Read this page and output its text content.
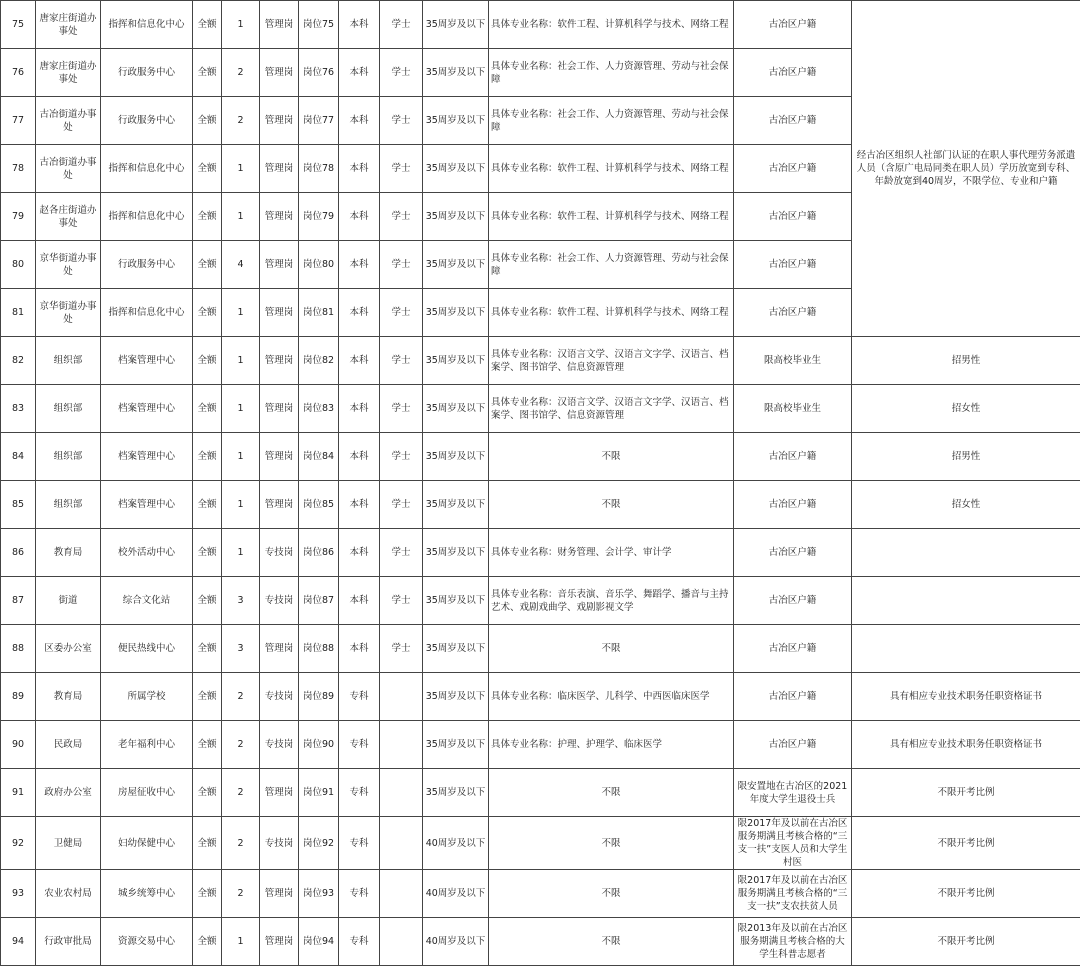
75	唐家庄街道办事处	指挥和信息化中心	全额	1	管理岗	岗位75	本科	学士	35周岁及以下	具体专业名称：软件工程、计算机科学与技术、网络工程	古冶区户籍	经古冶区组织人社部门认证的在职人事代理劳务派遣人员（含原广电局同类在职人员）学历放宽到专科、年龄放宽到40周岁，不限学位、专业和户籍
76	唐家庄街道办事处	行政服务中心	全额	2	管理岗	岗位76	本科	学士	35周岁及以下	具体专业名称：社会工作、人力资源管理、劳动与社会保障	古冶区户籍	
77	古冶街道办事处	行政服务中心	全额	2	管理岗	岗位77	本科	学士	35周岁及以下	具体专业名称：社会工作、人力资源管理、劳动与社会保障	古冶区户籍	
78	古冶街道办事处	指挥和信息化中心	全额	1	管理岗	岗位78	本科	学士	35周岁及以下	具体专业名称：软件工程、计算机科学与技术、网络工程	古冶区户籍	
79	赵各庄街道办事处	指挥和信息化中心	全额	1	管理岗	岗位79	本科	学士	35周岁及以下	具体专业名称：软件工程、计算机科学与技术、网络工程	古冶区户籍	
80	京华街道办事处	行政服务中心	全额	4	管理岗	岗位80	本科	学士	35周岁及以下	具体专业名称：社会工作、人力资源管理、劳动与社会保障	古冶区户籍	
81	京华街道办事处	指挥和信息化中心	全额	1	管理岗	岗位81	本科	学士	35周岁及以下	具体专业名称：软件工程、计算机科学与技术、网络工程	古冶区户籍	
82	组织部	档案管理中心	全额	1	管理岗	岗位82	本科	学士	35周岁及以下	具体专业名称：汉语言文学、汉语言文字学、汉语言、档案学、图书馆学、信息资源管理	限高校毕业生	招男性
83	组织部	档案管理中心	全额	1	管理岗	岗位83	本科	学士	35周岁及以下	具体专业名称：汉语言文学、汉语言文字学、汉语言、档案学、图书馆学、信息资源管理	限高校毕业生	招女性
84	组织部	档案管理中心	全额	1	管理岗	岗位84	本科	学士	35周岁及以下	不限	古冶区户籍	招男性
85	组织部	档案管理中心	全额	1	管理岗	岗位85	本科	学士	35周岁及以下	不限	古冶区户籍	招女性
86	教育局	校外活动中心	全额	1	专技岗	岗位86	本科	学士	35周岁及以下	具体专业名称：财务管理、会计学、审计学	古冶区户籍	
87	街道	综合文化站	全额	3	专技岗	岗位87	本科	学士	35周岁及以下	具体专业名称：音乐表演、音乐学、舞蹈学、播音与主持艺术、戏剧戏曲学、戏剧影视文学	古冶区户籍	
88	区委办公室	便民热线中心	全额	3	管理岗	岗位88	本科	学士	35周岁及以下	不限	古冶区户籍	
89	教育局	所属学校	全额	2	专技岗	岗位89	专科		35周岁及以下	具体专业名称：临床医学、儿科学、中西医临床医学	古冶区户籍	具有相应专业技术职务任职资格证书
90	民政局	老年福利中心	全额	2	专技岗	岗位90	专科		35周岁及以下	具体专业名称：护理、护理学、临床医学	古冶区户籍	具有相应专业技术职务任职资格证书
91	政府办公室	房屋征收中心	全额	2	管理岗	岗位91	专科		35周岁及以下	不限	限安置地在古冶区的2021年度大学生退役士兵	不限开考比例
92	卫健局	妇幼保健中心	全额	2	专技岗	岗位92	专科		40周岁及以下	不限	限2017年及以前在古冶区服务期满且考核合格的“三支一扶”支医人员和大学生村医	不限开考比例
93	农业农村局	城乡统筹中心	全额	2	管理岗	岗位93	专科		40周岁及以下	不限	限2017年及以前在古冶区服务期满且考核合格的“三支一扶”支农扶贫人员	不限开考比例
94	行政审批局	资源交易中心	全额	1	管理岗	岗位94	专科		40周岁及以下	不限	限2013年及以前在古冶区服务期满且考核合格的大学生科普志愿者	不限开考比例
